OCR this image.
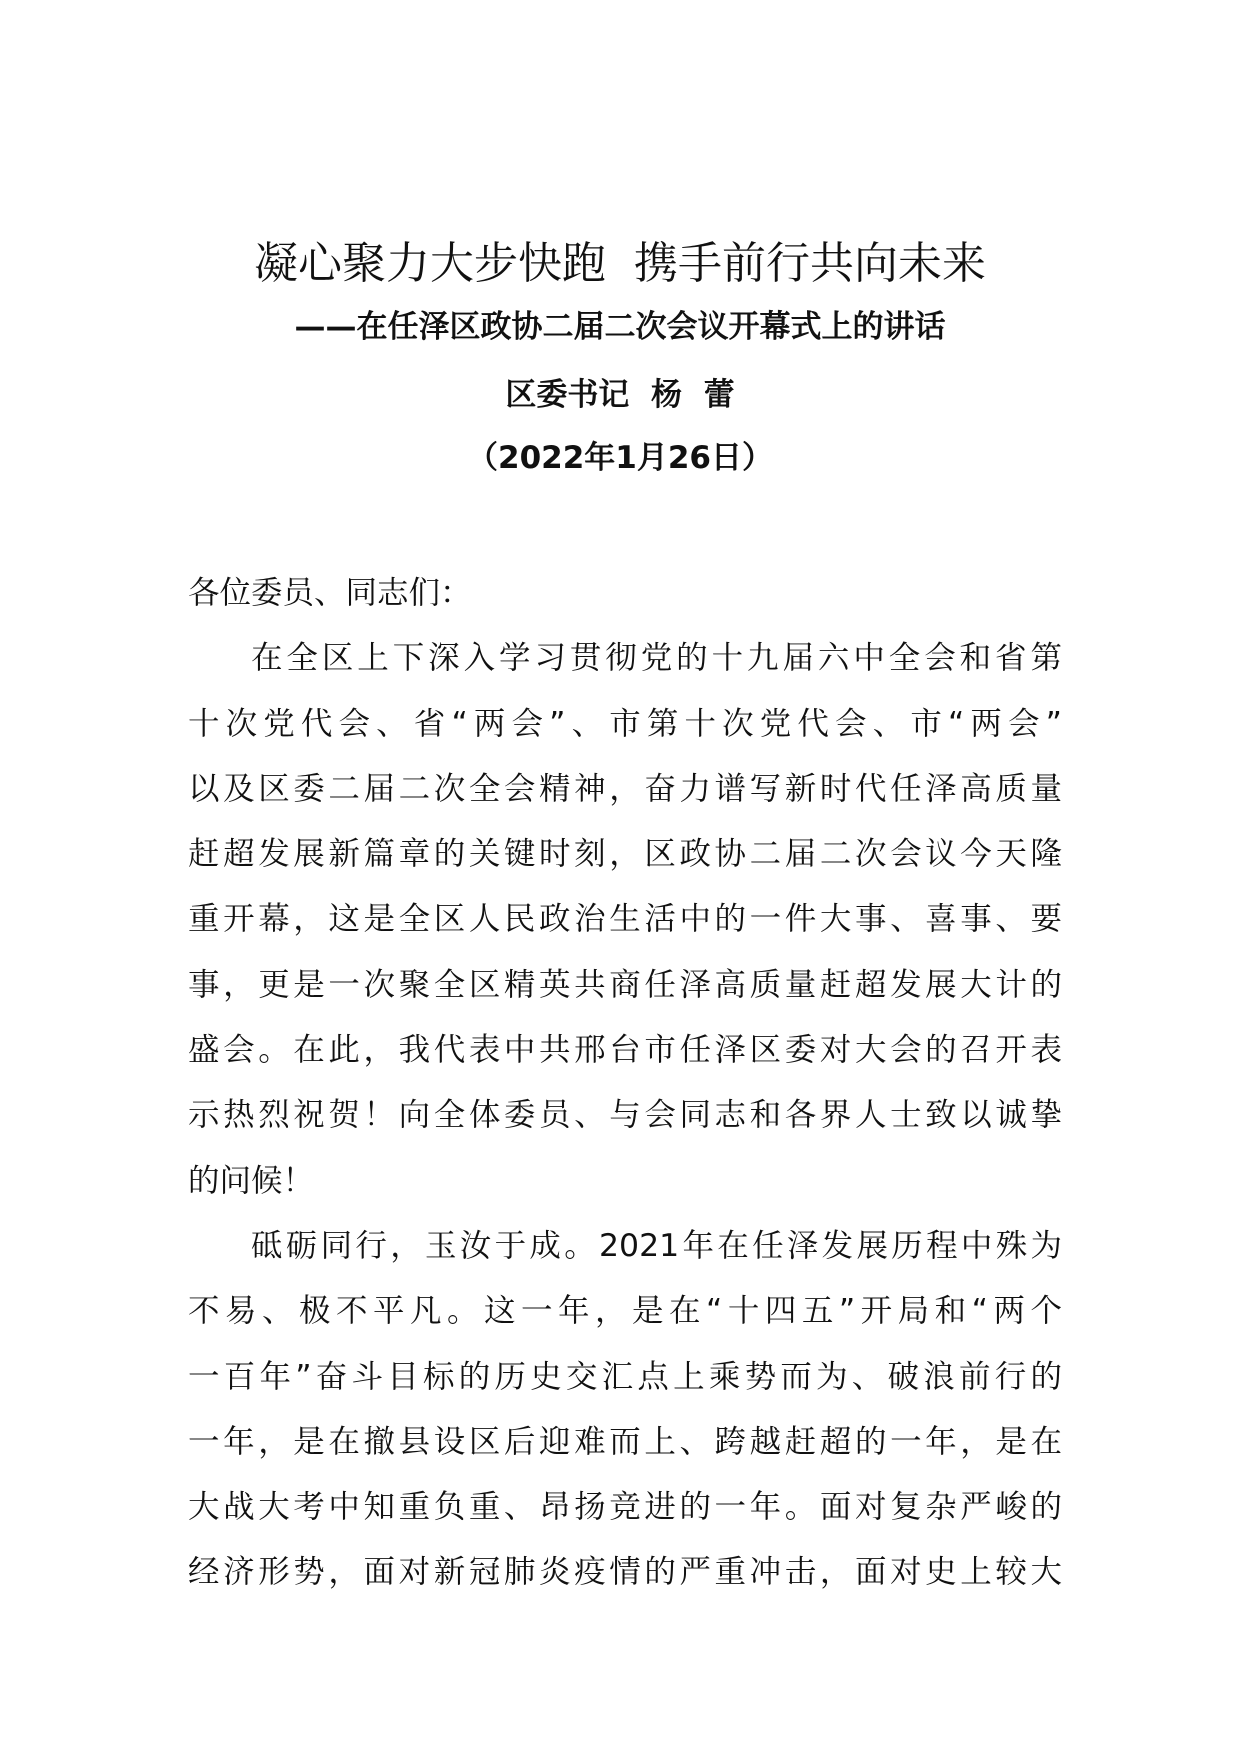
凝心聚力大步快跑  携手前行共向未来
——在任泽区政协二届二次会议开幕式上的讲话
区委书记  杨  蕾
（2022年1月26日）

各位委员、同志们：

在全区上下深入学习贯彻党的十九届六中全会和省第
十次党代会、省“两会”、市第十次党代会、市“两会”
以及区委二届二次全会精神，奋力谱写新时代任泽高质量
赶超发展新篇章的关键时刻，区政协二届二次会议今天隆
重开幕，这是全区人民政治生活中的一件大事、喜事、要
事，更是一次聚全区精英共商任泽高质量赶超发展大计的
盛会。在此，我代表中共邢台市任泽区委对大会的召开表
示热烈祝贺！向全体委员、与会同志和各界人士致以诚挚
的问候！

砥砺同行，玉汝于成。2021年在任泽发展历程中殊为
不易、极不平凡。这一年，是在“十四五”开局和“两个
一百年”奋斗目标的历史交汇点上乘势而为、破浪前行的
一年，是在撤县设区后迎难而上、跨越赶超的一年，是在
大战大考中知重负重、昂扬竞进的一年。面对复杂严峻的
经济形势，面对新冠肺炎疫情的严重冲击，面对史上较大
